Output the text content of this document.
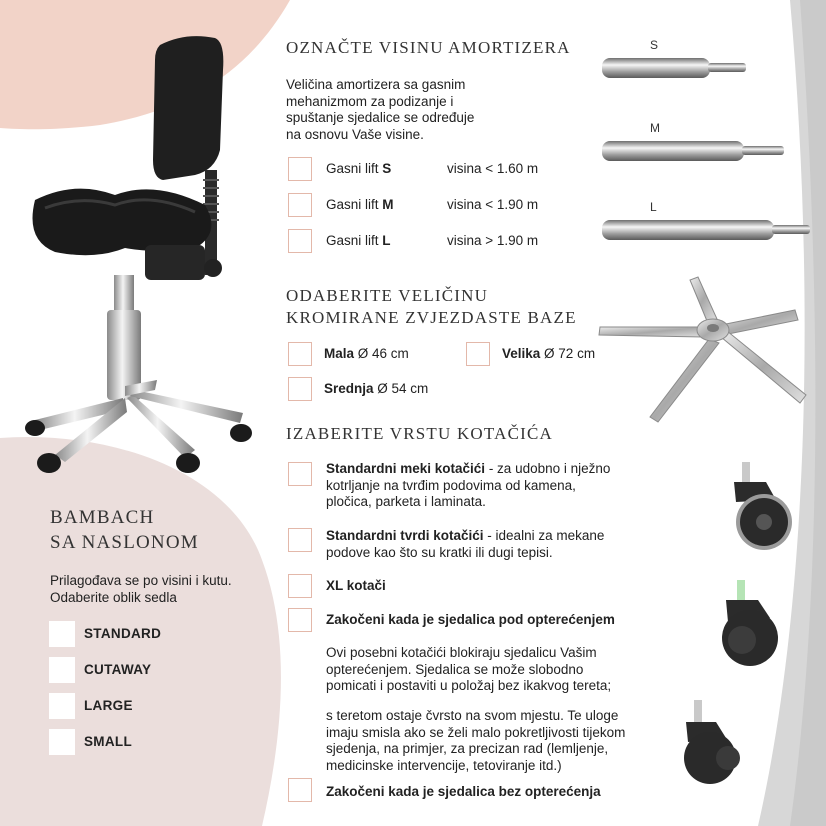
OZNAČTE VISINU AMORTIZERA
Veličina amortizera sa gasnim
mehanizmom za podizanje i
spuštanje sjedalice se određuje
na osnovu Vaše visine.
Gasni lift S	visina < 1.60 m
Gasni lift M	visina < 1.90 m
Gasni lift L	visina > 1.90 m
S
M
L
ODABERITE VELIČINU
KROMIRANE ZVJEZDASTE BAZE
Mala Ø 46 cm	Velika Ø 72 cm
Srednja Ø 54 cm
IZABERITE VRSTU KOTAČIĆA
Standardni meki kotačići - za udobno i nježno
kotrljanje na tvrđim podovima od kamena,
pločica, parketa i laminata.
Standardni tvrdi kotačići - idealni za mekane
podove kao što su kratki ili dugi tepisi.
XL kotači
Zakočeni kada je sjedalica pod opterećenjem
Ovi posebni kotačići blokiraju sjedalicu Vašim
opterećenjem. Sjedalica se može slobodno
pomicati i postaviti u položaj bez ikakvog tereta;
s teretom ostaje čvrsto na svom mjestu. Te uloge
imaju smisla ako se želi malo pokretljivosti tijekom
sjedenja, na primjer, za precizan rad (lemljenje,
medicinske intervencije, tetoviranje itd.)
Zakočeni kada je sjedalica bez opterećenja
BAMBACH
SA NASLONOM
Prilagođava se po visini i kutu.
Odaberite oblik sedla
STANDARD
CUTAWAY
LARGE
SMALL
